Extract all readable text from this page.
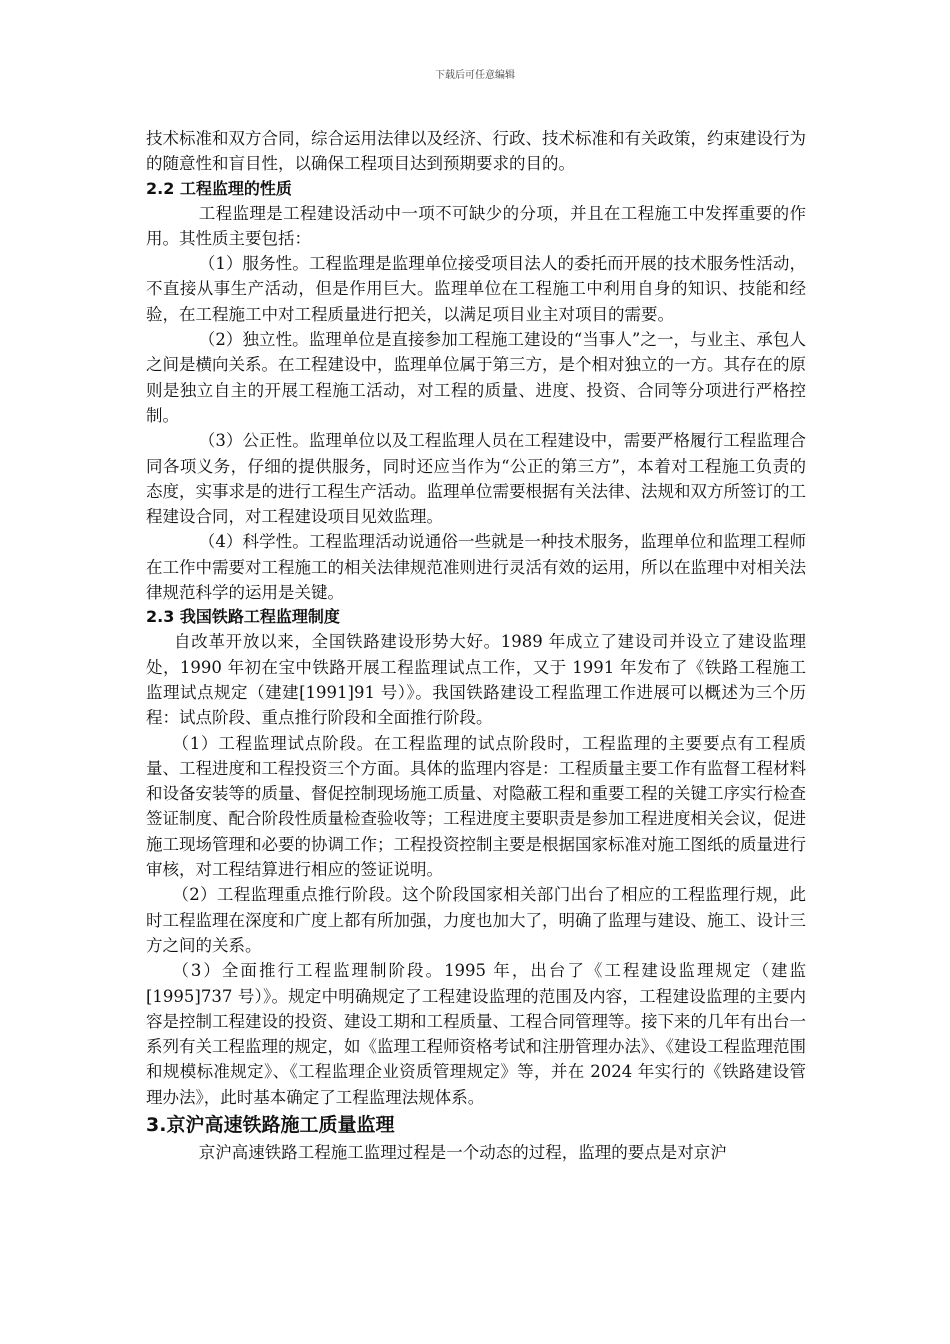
下载后可任意编辑

技术标准和双方合同，综合运用法律以及经济、行政、技术标准和有关政策，约束建设行为的随意性和盲目性，以确保工程项目达到预期要求的目的。

2.2 工程监理的性质

工程监理是工程建设活动中一项不可缺少的分项，并且在工程施工中发挥重要的作用。其性质主要包括：

（1）服务性。工程监理是监理单位接受项目法人的委托而开展的技术服务性活动，不直接从事生产活动，但是作用巨大。监理单位在工程施工中利用自身的知识、技能和经验，在工程施工中对工程质量进行把关，以满足项目业主对项目的需要。

（2）独立性。监理单位是直接参加工程施工建设的“当事人”之一，与业主、承包人之间是横向关系。在工程建设中，监理单位属于第三方，是个相对独立的一方。其存在的原则是独立自主的开展工程施工活动，对工程的质量、进度、投资、合同等分项进行严格控制。

（3）公正性。监理单位以及工程监理人员在工程建设中，需要严格履行工程监理合同各项义务，仔细的提供服务，同时还应当作为“公正的第三方”，本着对工程施工负责的态度，实事求是的进行工程生产活动。监理单位需要根据有关法律、法规和双方所签订的工程建设合同，对工程建设项目见效监理。

（4）科学性。工程监理活动说通俗一些就是一种技术服务，监理单位和监理工程师在工作中需要对工程施工的相关法律规范准则进行灵活有效的运用，所以在监理中对相关法律规范科学的运用是关键。

2.3 我国铁路工程监理制度

自改革开放以来，全国铁路建设形势大好。1989 年成立了建设司并设立了建设监理处，1990 年初在宝中铁路开展工程监理试点工作，又于 1991 年发布了《铁路工程施工监理试点规定（建建[1991]91 号）》。我国铁路建设工程监理工作进展可以概述为三个历程：试点阶段、重点推行阶段和全面推行阶段。

（1）工程监理试点阶段。在工程监理的试点阶段时，工程监理的主要要点有工程质量、工程进度和工程投资三个方面。具体的监理内容是：工程质量主要工作有监督工程材料和设备安装等的质量、督促控制现场施工质量、对隐蔽工程和重要工程的关键工序实行检查签证制度、配合阶段性质量检查验收等；工程进度主要职责是参加工程进度相关会议，促进施工现场管理和必要的协调工作；工程投资控制主要是根据国家标准对施工图纸的质量进行审核，对工程结算进行相应的签证说明。

（2）工程监理重点推行阶段。这个阶段国家相关部门出台了相应的工程监理行规，此时工程监理在深度和广度上都有所加强，力度也加大了，明确了监理与建设、施工、设计三方之间的关系。

（3）全面推行工程监理制阶段。1995 年，出台了《工程建设监理规定（建监[1995]737 号）》。规定中明确规定了工程建设监理的范围及内容，工程建设监理的主要内容是控制工程建设的投资、建设工期和工程质量、工程合同管理等。接下来的几年有出台一系列有关工程监理的规定，如《监理工程师资格考试和注册管理办法》、《建设工程监理范围和规模标准规定》、《工程监理企业资质管理规定》等，并在 2024 年实行的《铁路建设管理办法》，此时基本确定了工程监理法规体系。

3.京沪高速铁路施工质量监理

京沪高速铁路工程施工监理过程是一个动态的过程，监理的要点是对京沪
